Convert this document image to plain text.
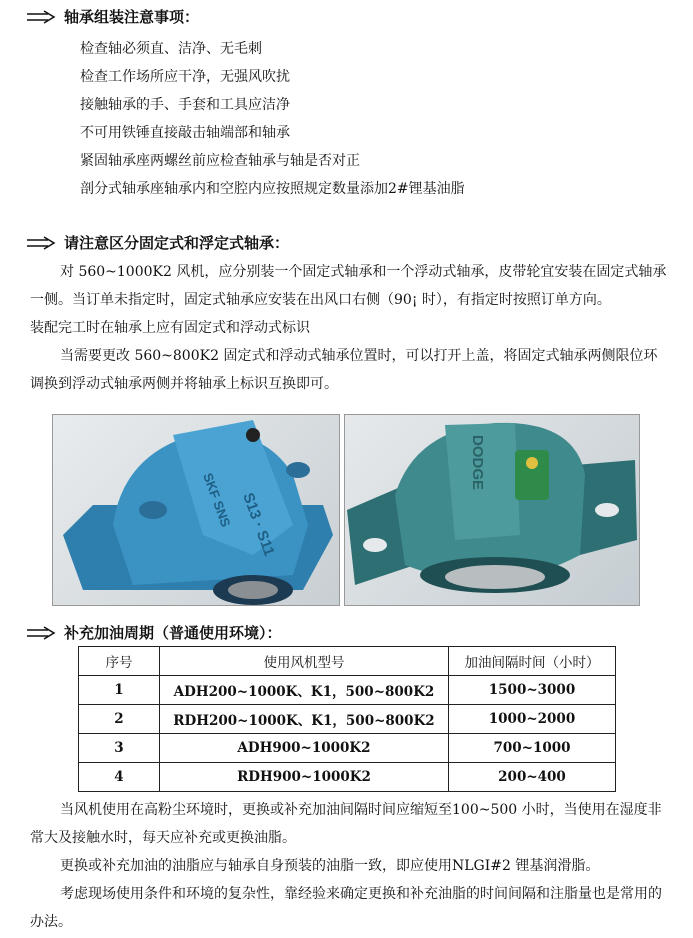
轴承组装注意事项：
检查轴必须直、洁净、无毛刺
检查工作场所应干净，无强风吹扰
接触轴承的手、手套和工具应洁净
不可用铁锤直接敲击轴端部和轴承
紧固轴承座两螺丝前应检查轴承与轴是否对正
剖分式轴承座轴承内和空腔内应按照规定数量添加2#锂基油脂
请注意区分固定式和浮定式轴承：
对 560~1000K2 风机，应分别装一个固定式轴承和一个浮动式轴承，皮带轮宜安装在固定式轴承一侧。当订单未指定时，固定式轴承应安装在出风口右侧（90¡ 时），有指定时按照订单方向。
装配完工时在轴承上应有固定式和浮动式标识
当需要更改 560~800K2 固定式和浮动式轴承位置时，可以打开上盖，将固定式轴承两侧限位环调换到浮动式轴承两侧并将轴承上标识互换即可。
S13 · S11
SKF SNS
DODGE
补充加油周期（普通使用环境）：
序号	使用风机型号	加油间隔时间（小时）
1	ADH200~1000K、K1，500~800K2	1500~3000
2	RDH200~1000K、K1，500~800K2	1000~2000
3	ADH900~1000K2	700~1000
4	RDH900~1000K2	200~400
当风机使用在高粉尘环境时，更换或补充加油间隔时间应缩短至100~500 小时，当使用在湿度非常大及接触水时，每天应补充或更换油脂。
更换或补充加油的油脂应与轴承自身预装的油脂一致，即应使用NLGI#2 锂基润滑脂。
考虑现场使用条件和环境的复杂性，靠经验来确定更换和补充油脂的时间间隔和注脂量也是常用的办法。
